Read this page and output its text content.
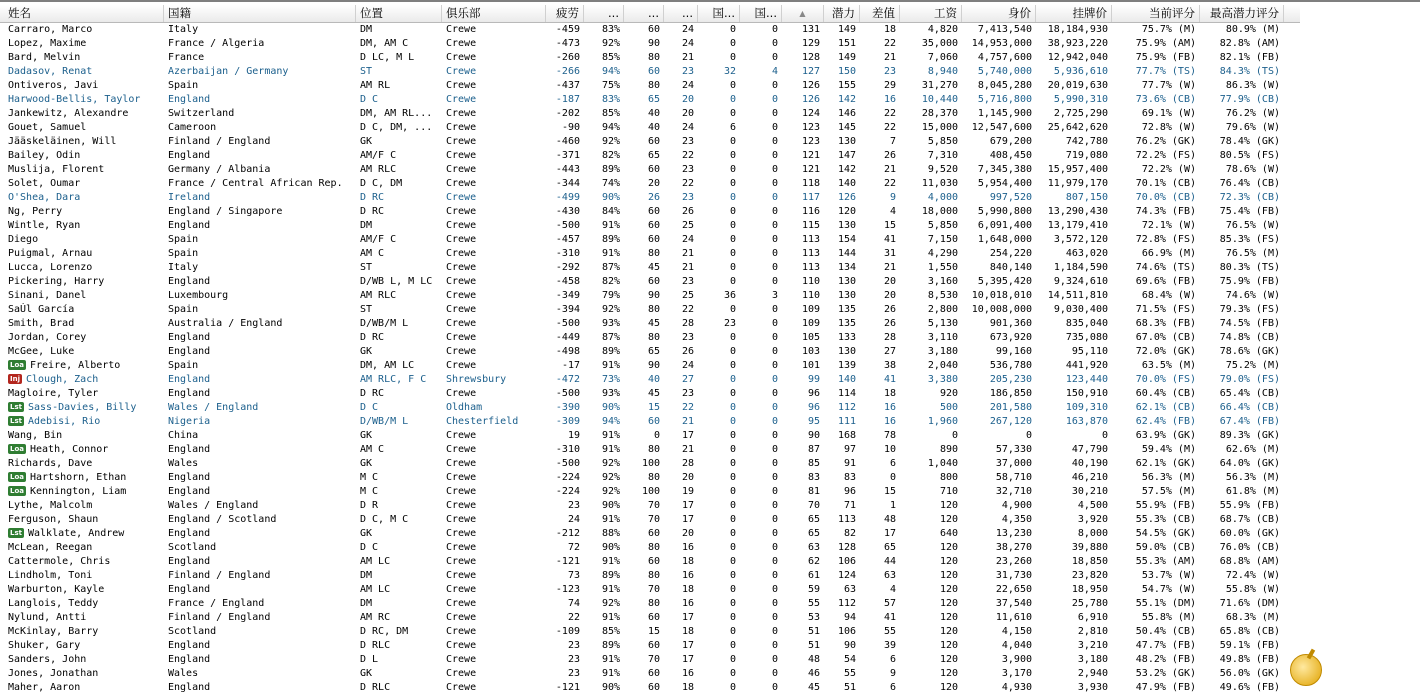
姓名	国籍	位置	俱乐部	疲劳	...	...	...	国...	国...	▲	潜力	差值	工资	身价	挂牌价	当前评分	最高潜力评分
Carraro, Marco	Italy	DM	Crewe	-459	83%	60	24	0	0	131	149	18	4,820	7,413,540	18,184,930	75.7% (M)	80.9% (M)
Lopez, Maxime	France / Algeria	DM, AM C	Crewe	-473	92%	90	24	0	0	129	151	22	35,000	14,953,000	38,923,220	75.9% (AM)	82.8% (AM)
Bard, Melvin	France	D LC, M L	Crewe	-260	85%	80	21	0	0	128	149	21	7,060	4,757,600	12,942,040	75.9% (FB)	82.1% (FB)
Dadasov, Renat	Azerbaijan / Germany	ST	Crewe	-266	94%	60	23	32	4	127	150	23	8,940	5,740,000	5,936,610	77.7% (TS)	84.3% (TS)
Ontiveros, Javi	Spain	AM RL	Crewe	-437	75%	80	24	0	0	126	155	29	31,270	8,045,280	20,019,630	77.7% (W)	86.3% (W)
Harwood-Bellis, Taylor	England	D C	Crewe	-187	83%	65	20	0	0	126	142	16	10,440	5,716,800	5,990,310	73.6% (CB)	77.9% (CB)
Jankewitz, Alexandre	Switzerland	DM, AM RL...	Crewe	-202	85%	40	20	0	0	124	146	22	28,370	1,145,900	2,725,290	69.1% (W)	76.2% (W)
Gouet, Samuel	Cameroon	D C, DM, ...	Crewe	-90	94%	40	24	6	0	123	145	22	15,000	12,547,600	25,642,620	72.8% (W)	79.6% (W)
Jääskeläinen, Will	Finland / England	GK	Crewe	-460	92%	60	23	0	0	123	130	7	5,850	679,200	742,780	76.2% (GK)	78.4% (GK)
Bailey, Odin	England	AM/F C	Crewe	-371	82%	65	22	0	0	121	147	26	7,310	408,450	719,080	72.2% (FS)	80.5% (FS)
Muslija, Florent	Germany / Albania	AM RLC	Crewe	-443	89%	60	23	0	0	121	142	21	9,520	7,345,380	15,957,400	72.2% (W)	78.6% (W)
Solet, Oumar	France / Central African Rep.	D C, DM	Crewe	-344	74%	20	22	0	0	118	140	22	11,030	5,954,400	11,979,170	70.1% (CB)	76.4% (CB)
O'Shea, Dara	Ireland	D RC	Crewe	-499	90%	26	23	0	0	117	126	9	4,000	997,520	807,150	70.0% (CB)	72.3% (CB)
Ng, Perry	England / Singapore	D RC	Crewe	-430	84%	60	26	0	0	116	120	4	18,000	5,990,800	13,290,430	74.3% (FB)	75.4% (FB)
Wintle, Ryan	England	DM	Crewe	-500	91%	60	25	0	0	115	130	15	5,850	6,091,400	13,179,410	72.1% (W)	76.5% (W)
Diego	Spain	AM/F C	Crewe	-457	89%	60	24	0	0	113	154	41	7,150	1,648,000	3,572,120	72.8% (FS)	85.3% (FS)
Puigmal, Arnau	Spain	AM C	Crewe	-310	91%	80	21	0	0	113	144	31	4,290	254,220	463,020	66.9% (M)	76.5% (M)
Lucca, Lorenzo	Italy	ST	Crewe	-292	87%	45	21	0	0	113	134	21	1,550	840,140	1,184,590	74.6% (TS)	80.3% (TS)
Pickering, Harry	England	D/WB L, M LC	Crewe	-458	82%	60	23	0	0	110	130	20	3,160	5,395,420	9,324,610	69.6% (FB)	75.9% (FB)
Sinani, Danel	Luxembourg	AM RLC	Crewe	-349	79%	90	25	36	3	110	130	20	8,530	10,018,010	14,511,810	68.4% (W)	74.6% (W)
SaÚl García	Spain	ST	Crewe	-394	92%	80	22	0	0	109	135	26	2,800	10,008,000	9,030,400	71.5% (FS)	79.3% (FS)
Smith, Brad	Australia / England	D/WB/M L	Crewe	-500	93%	45	28	23	0	109	135	26	5,130	901,360	835,040	68.3% (FB)	74.5% (FB)
Jordan, Corey	England	D RC	Crewe	-449	87%	80	23	0	0	105	133	28	3,110	673,920	735,080	67.0% (CB)	74.8% (CB)
McGee, Luke	England	GK	Crewe	-498	89%	65	26	0	0	103	130	27	3,180	99,160	95,110	72.0% (GK)	78.6% (GK)
Loa Freire, Alberto	Spain	DM, AM LC	Crewe	-17	91%	90	24	0	0	101	139	38	2,040	536,780	441,920	63.5% (M)	75.2% (M)
Inj Clough, Zach	England	AM RLC, F C	Shrewsbury	-472	73%	40	27	0	0	99	140	41	3,380	205,230	123,440	70.0% (FS)	79.0% (FS)
Magloire, Tyler	England	D RC	Crewe	-500	93%	45	23	0	0	96	114	18	920	186,850	150,910	60.4% (CB)	65.4% (CB)
Lst Sass-Davies, Billy	Wales / England	D C	Oldham	-390	90%	15	22	0	0	96	112	16	500	201,580	109,310	62.1% (CB)	66.4% (CB)
Lst Adebisi, Rio	Nigeria	D/WB/M L	Chesterfield	-309	94%	60	21	0	0	95	111	16	1,960	267,120	163,870	62.4% (FB)	67.4% (FB)
Wang, Bin	China	GK	Crewe	19	91%	0	17	0	0	90	168	78	0	0	0	63.9% (GK)	89.3% (GK)
Loa Heath, Connor	England	AM C	Crewe	-310	91%	80	21	0	0	87	97	10	890	57,330	47,790	59.4% (M)	62.6% (M)
Richards, Dave	Wales	GK	Crewe	-500	92%	100	28	0	0	85	91	6	1,040	37,000	40,190	62.1% (GK)	64.0% (GK)
Loa Hartshorn, Ethan	England	M C	Crewe	-224	92%	80	20	0	0	83	83	0	800	58,710	46,210	56.3% (M)	56.3% (M)
Loa Kennington, Liam	England	M C	Crewe	-224	92%	100	19	0	0	81	96	15	710	32,710	30,210	57.5% (M)	61.8% (M)
Lythe, Malcolm	Wales / England	D R	Crewe	23	90%	70	17	0	0	70	71	1	120	4,900	4,500	55.9% (FB)	55.9% (FB)
Ferguson, Shaun	England / Scotland	D C, M C	Crewe	24	91%	70	17	0	0	65	113	48	120	4,350	3,920	55.3% (CB)	68.7% (CB)
Lst Walklate, Andrew	England	GK	Crewe	-212	88%	60	20	0	0	65	82	17	640	13,230	8,000	54.5% (GK)	60.0% (GK)
McLean, Reegan	Scotland	D C	Crewe	72	90%	80	16	0	0	63	128	65	120	38,270	39,880	59.0% (CB)	76.0% (CB)
Cattermole, Chris	England	AM LC	Crewe	-121	91%	60	18	0	0	62	106	44	120	23,260	18,850	55.3% (AM)	68.8% (AM)
Lindholm, Toni	Finland / England	DM	Crewe	73	89%	80	16	0	0	61	124	63	120	31,730	23,820	53.7% (W)	72.4% (W)
Warburton, Kayle	England	AM LC	Crewe	-123	91%	70	18	0	0	59	63	4	120	22,650	18,950	54.7% (W)	55.8% (W)
Langlois, Teddy	France / England	DM	Crewe	74	92%	80	16	0	0	55	112	57	120	37,540	25,780	55.1% (DM)	71.6% (DM)
Nylund, Antti	Finland / England	AM RC	Crewe	22	91%	60	17	0	0	53	94	41	120	11,610	6,910	55.8% (M)	68.3% (M)
McKinlay, Barry	Scotland	D RC, DM	Crewe	-109	85%	15	18	0	0	51	106	55	120	4,150	2,810	50.4% (CB)	65.8% (CB)
Shuker, Gary	England	D RLC	Crewe	23	89%	60	17	0	0	51	90	39	120	4,040	3,210	47.7% (FB)	59.1% (FB)
Sanders, John	England	D L	Crewe	23	91%	70	17	0	0	48	54	6	120	3,900	3,180	48.2% (FB)	49.8% (FB)
Jones, Jonathan	Wales	GK	Crewe	23	91%	60	16	0	0	46	55	9	120	3,170	2,940	53.2% (GK)	56.0% (GK)
Maher, Aaron	England	D RLC	Crewe	-121	90%	60	18	0	0	45	51	6	120	4,930	3,930	47.9% (FB)	49.6% (FB)
